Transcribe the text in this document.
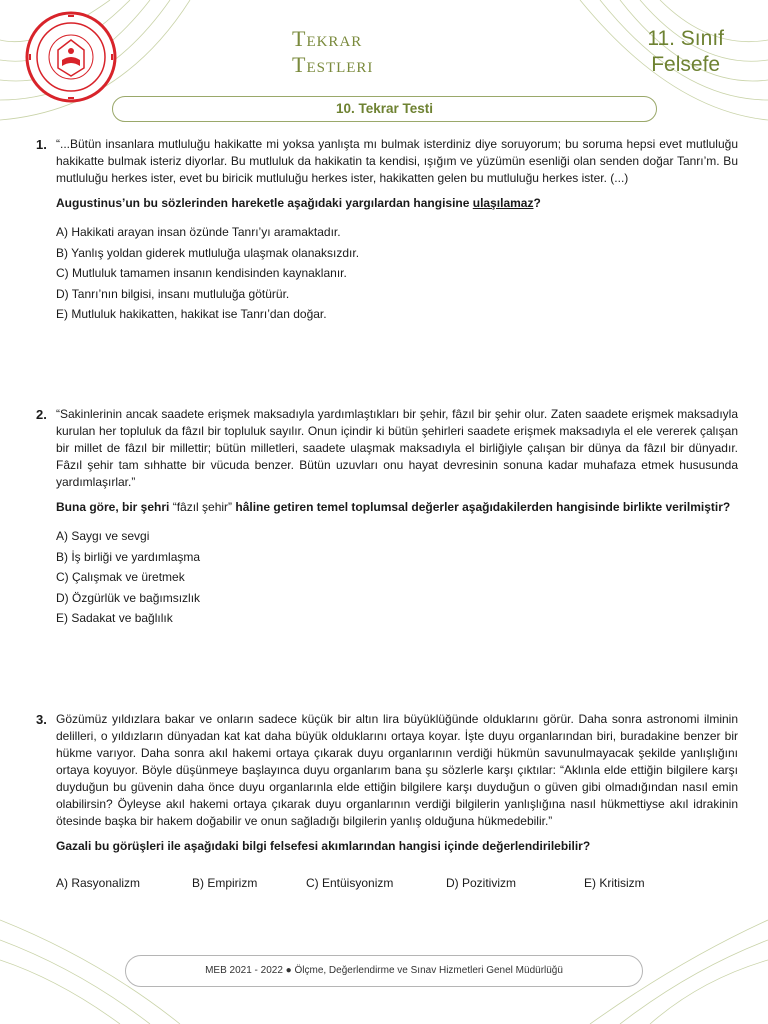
Tekrar
Testleri
11. Sınıf
Felsefe
10. Tekrar Testi
1. “...Bütün insanlara mutluluğu hakikatte mi yoksa yanlışta mı bulmak isterdiniz diye soruyorum; bu soruma hepsi evet mutluluğu hakikatte bulmak isteriz diyorlar. Bu mutluluk da hakikatin ta kendisi, ışığım ve yüzümün esenliği olan senden doğar Tanrı’m. Bu mutluluğu herkes ister, evet bu biricik mutluluğu herkes ister, hakikatten gelen bu mutluluğu herkes ister. (...)
Augustinus’un bu sözlerinden hareketle aşağıdaki yargılardan hangisine ulaşılamaz?
A) Hakikati arayan insan özünde Tanrı’yı aramaktadır.
B) Yanlış yoldan giderek mutluluğa ulaşmak olanaksızdır.
C) Mutluluk tamamen insanın kendisinden kaynaklanır.
D) Tanrı’nın bilgisi, insanı mutluluğa götürür.
E) Mutluluk hakikatten, hakikat ise Tanrı’dan doğar.
2. “Sakinlerinin ancak saadete erişmek maksadıyla yardımlaştıkları bir şehir, fâzıl bir şehir olur. Zaten saadete erişmek maksadıyla kurulan her topluluk da fâzıl bir topluluk sayılır. Onun içindir ki bütün şehirleri saadete erişmek maksadıyla el ele vererek çalışan bir millet de fâzıl bir millettir; bütün milletleri, saadete ulaşmak maksadıyla el birliğiyle çalışan bir dünya da fâzıl bir dünyadır. Fâzıl şehir tam sıhhatte bir vücuda benzer. Bütün uzuvları onu hayat devresinin sonuna kadar muhafaza etmek hususunda yardımlaşırlar.”
Buna göre, bir şehri “fâzıl şehir” hâline getiren temel toplumsal değerler aşağıdakilerden hangisinde birlikte verilmiştir?
A) Saygı ve sevgi
B) İş birliği ve yardımlaşma
C) Çalışmak ve üretmek
D) Özgürlük ve bağımsızlık
E) Sadakat ve bağlılık
3. Gözümüz yıldızlara bakar ve onların sadece küçük bir altın lira büyüklüğünde olduklarını görür. Daha sonra astronomi ilminin delilleri, o yıldızların dünyadan kat kat daha büyük olduklarını ortaya koyar. İşte duyu organlarından biri, buradakine benzer bir hükme varıyor. Daha sonra akıl hakemi ortaya çıkarak duyu organlarının verdiği hükmün savunulmayacak şekilde yanlışlığını ortaya koyuyor. Böyle düşünmeye başlayınca duyu organlarım bana şu sözlerle karşı çıktılar: “Aklınla elde ettiğin bilgilere karşı duyduğun bu güvenin daha önce duyu organlarınla elde ettiğin bilgilere karşı duyduğun o güven gibi olmadığından nasıl emin olabilirsin? Öyleyse akıl hakemi ortaya çıkarak duyu organlarının verdiği bilgilerin yanlışlığına nasıl hükmettiyse akıl idrakinin ötesinde başka bir hakem doğabilir ve onun sağladığı bilgilerin yanlış olduğuna hükmedebilir.”
Gazali bu görüşleri ile aşağıdaki bilgi felsefesi akımlarından hangisi içinde değerlendirilebilir?
A) Rasyonalizm	B) Empirizm	C) Entüisyonizm	D) Pozitivizm	E) Kritisizm
MEB 2021 - 2022 ● Ölçme, Değerlendirme ve Sınav Hizmetleri Genel Müdürlüğü
